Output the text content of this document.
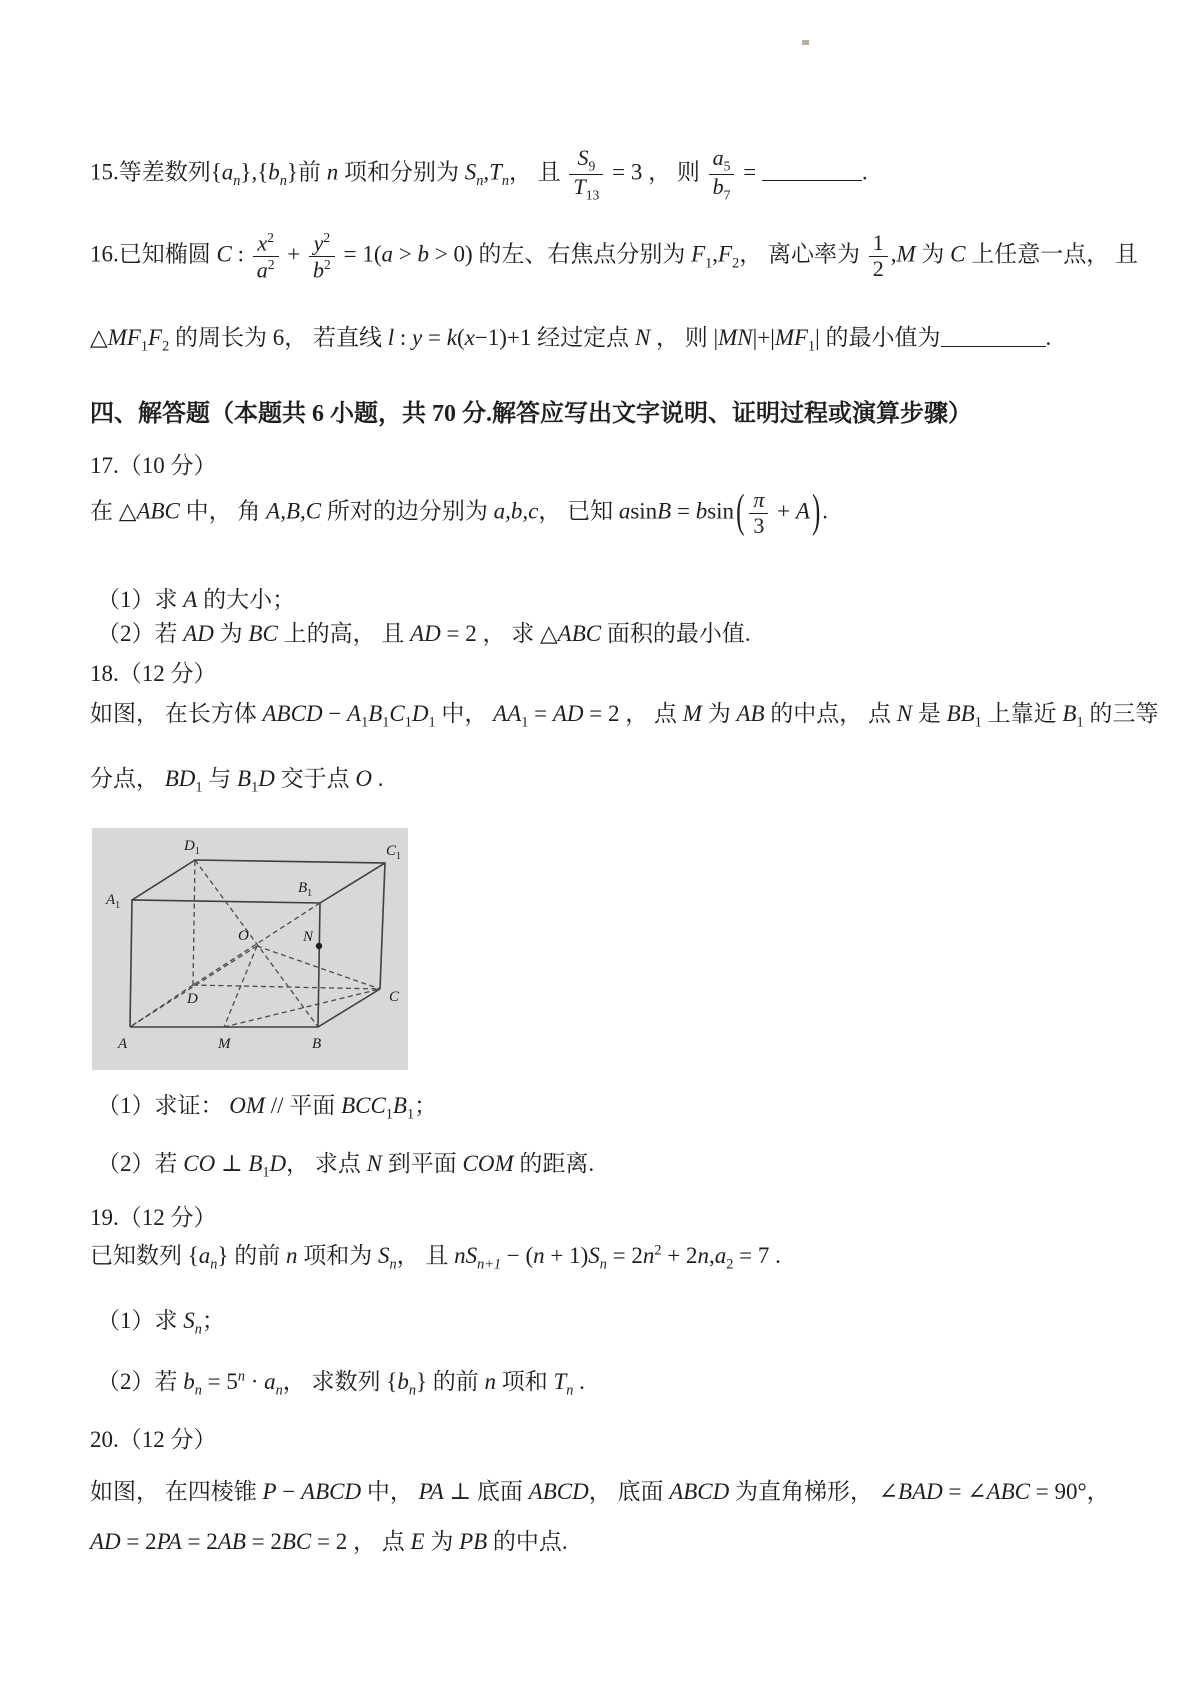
15.等差数列$\{a_n\},\{b_n\}$前 n 项和分别为 $S_n,T_n$， 且 $\frac{S_9}{T_{13}} = 3$ ， 则 $\frac{a_5}{b_7}$ =	.
16.已知椭圆 C : $\frac{x^2}{a^2} + \frac{y^2}{b^2} = 1(a > b > 0)$ 的左、右焦点分别为 $F_1,F_2$， 离心率为 $\frac{1}{2} ,M$ 为 C 上任意一点， 且
$\triangle MF_1F_2$ 的周长为 6， 若直线 l : y = k(x−1)+1 经过定点 N ， 则 $|MN|+|MF_1|$ 的最小值为	.
四、解答题（本题共 6 小题，共 70 分.解答应写出文字说明、证明过程或演算步骤）
17.（10 分）
在 △ABC 中， 角 A,B,C 所对的边分别为 a,b,c， 已知 $asinB = bsin( \frac{\pi}{3} + A)$.
（1）求 A 的大小；
（2）若 AD 为 BC 上的高， 且 AD = 2 ， 求 △ABC 面积的最小值.
18.（12 分）
如图， 在长方体 ABCD − $A_1B_1C_1D_1$ 中， $AA_1$ = AD = 2 ， 点 M 为 AB 的中点， 点 N 是 $BB_1$ 上靠近 $B_1$ 的三等
分点， $BD_1$ 与 $B_1D$ 交于点 O .
$D_1$	$C_1$
$A_1$
$B_1$
O	N
D	C
A	M	B
（1）求证： OM // 平面 $BCC_1B_1$；
（2）若 CO ⊥ $B_1D$， 求点 N 到平面 COM 的距离.
19.（12 分）
已知数列 $\{a_n\}$ 的前 n 项和为 $S_n$， 且 $nS_{n+1} - (n + 1)S_n = 2n^2 + 2n,a_2 = 7$ .
（1）求 $S_n$；
（2）若 $b_n = 5^n \cdot a_n$， 求数列 $\{b_n\}$ 的前 n 项和 $T_n$ .
20.（12 分）
如图， 在四棱锥 P − ABCD 中， PA ⊥ 底面 ABCD， 底面 ABCD 为直角梯形， ∠BAD = ∠ABC = 90°，
AD = 2PA = 2AB = 2BC = 2 ， 点 E 为 PB 的中点.
